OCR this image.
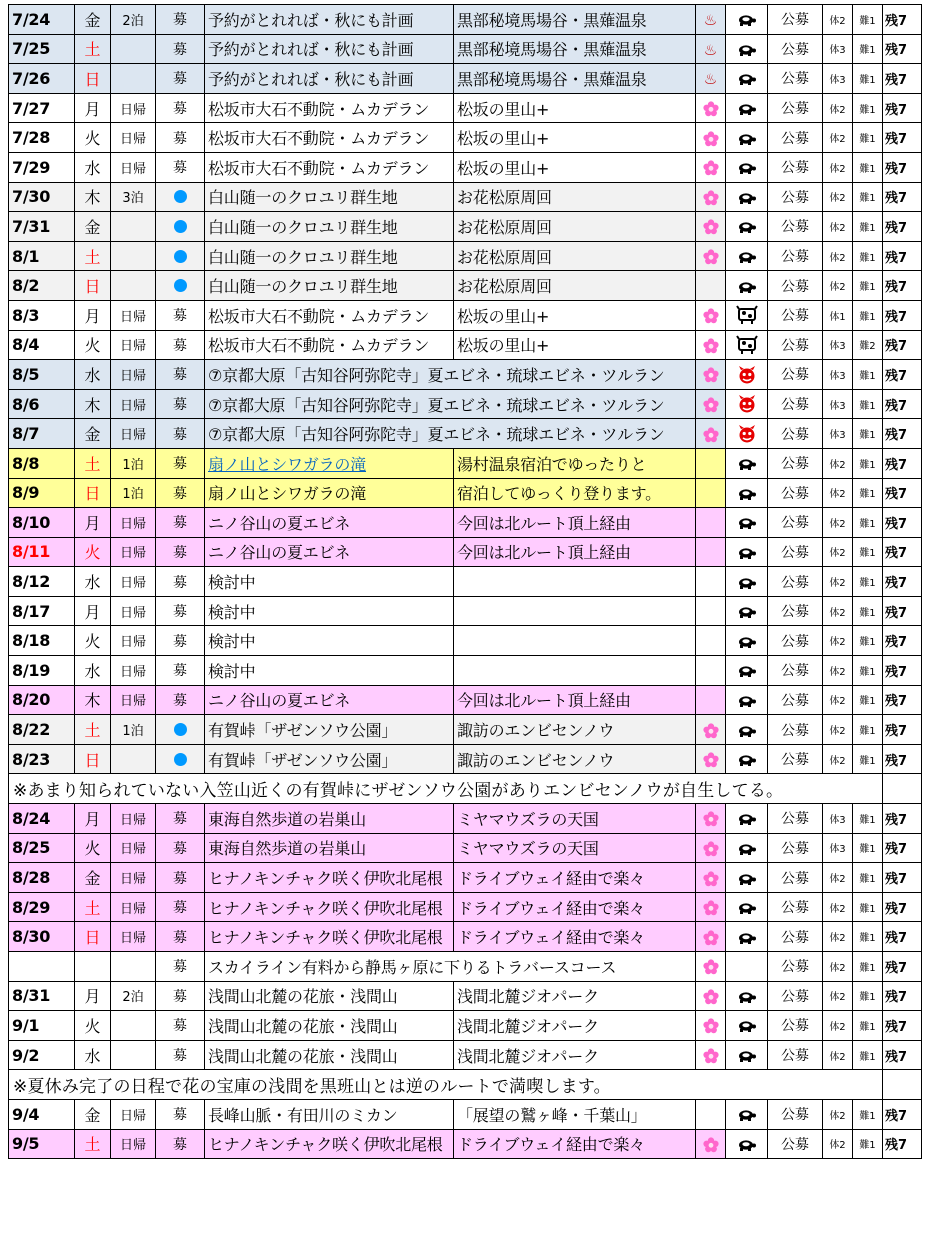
7/24	金	2泊	募	予約がとれれば・秋にも計画	黒部秘境馬場谷・黒薙温泉	♨		公募	体2	難1	残7
7/25	土		募	予約がとれれば・秋にも計画	黒部秘境馬場谷・黒薙温泉	♨		公募	体3	難1	残7
7/26	日		募	予約がとれれば・秋にも計画	黒部秘境馬場谷・黒薙温泉	♨		公募	体3	難1	残7
7/27	月	日帰	募	松坂市大石不動院・ムカデラン	松坂の里山+			公募	体2	難1	残7
7/28	火	日帰	募	松坂市大石不動院・ムカデラン	松坂の里山+			公募	体2	難1	残7
7/29	水	日帰	募	松坂市大石不動院・ムカデラン	松坂の里山+			公募	体2	難1	残7
7/30	木	3泊		白山随一のクロユリ群生地	お花松原周回			公募	体2	難1	残7
7/31	金			白山随一のクロユリ群生地	お花松原周回			公募	体2	難1	残7
8/1	土			白山随一のクロユリ群生地	お花松原周回			公募	体2	難1	残7
8/2	日			白山随一のクロユリ群生地	お花松原周回			公募	体2	難1	残7
8/3	月	日帰	募	松坂市大石不動院・ムカデラン	松坂の里山+			公募	体1	難1	残7
8/4	火	日帰	募	松坂市大石不動院・ムカデラン	松坂の里山+			公募	体3	難2	残7
8/5	水	日帰	募	⑦京都大原「古知谷阿弥陀寺」夏エビネ・琉球エビネ・ツルラン				公募	体3	難1	残7
8/6	木	日帰	募	⑦京都大原「古知谷阿弥陀寺」夏エビネ・琉球エビネ・ツルラン				公募	体3	難1	残7
8/7	金	日帰	募	⑦京都大原「古知谷阿弥陀寺」夏エビネ・琉球エビネ・ツルラン				公募	体3	難1	残7
8/8	土	1泊	募	扇ノ山とシワガラの滝	湯村温泉宿泊でゆったりと			公募	体2	難1	残7
8/9	日	1泊	募	扇ノ山とシワガラの滝	宿泊してゆっくり登ります。			公募	体2	難1	残7
8/10	月	日帰	募	ニノ谷山の夏エビネ	今回は北ルート頂上経由			公募	体2	難1	残7
8/11	火	日帰	募	ニノ谷山の夏エビネ	今回は北ルート頂上経由			公募	体2	難1	残7
8/12	水	日帰	募	検討中				公募	体2	難1	残7
8/17	月	日帰	募	検討中				公募	体2	難1	残7
8/18	火	日帰	募	検討中				公募	体2	難1	残7
8/19	水	日帰	募	検討中				公募	体2	難1	残7
8/20	木	日帰	募	ニノ谷山の夏エビネ	今回は北ルート頂上経由			公募	体2	難1	残7
8/22	土	1泊		有賀峠「ザゼンソウ公園」	諏訪のエンビセンノウ			公募	体2	難1	残7
8/23	日			有賀峠「ザゼンソウ公園」	諏訪のエンビセンノウ			公募	体2	難1	残7
※あまり知られていない入笠山近くの有賀峠にザゼンソウ公園がありエンビセンノウが自生してる。											
8/24	月	日帰	募	東海自然歩道の岩巣山	ミヤマウズラの天国			公募	体3	難1	残7
8/25	火	日帰	募	東海自然歩道の岩巣山	ミヤマウズラの天国			公募	体3	難1	残7
8/28	金	日帰	募	ヒナノキンチャク咲く伊吹北尾根	ドライブウェイ経由で楽々			公募	体2	難1	残7
8/29	土	日帰	募	ヒナノキンチャク咲く伊吹北尾根	ドライブウェイ経由で楽々			公募	体2	難1	残7
8/30	日	日帰	募	ヒナノキンチャク咲く伊吹北尾根	ドライブウェイ経由で楽々			公募	体2	難1	残7
			募	スカイライン有料から静馬ヶ原に下りるトラバースコース				公募	体2	難1	残7
8/31	月	2泊	募	浅間山北麓の花旅・浅間山	浅間北麓ジオパーク			公募	体2	難1	残7
9/1	火		募	浅間山北麓の花旅・浅間山	浅間北麓ジオパーク			公募	体2	難1	残7
9/2	水		募	浅間山北麓の花旅・浅間山	浅間北麓ジオパーク			公募	体2	難1	残7
※夏休み完了の日程で花の宝庫の浅間を黒班山とは逆のルートで満喫します。											
9/4	金	日帰	募	長峰山脈・有田川のミカン	「展望の鷲ヶ峰・千葉山」			公募	体2	難1	残7
9/5	土	日帰	募	ヒナノキンチャク咲く伊吹北尾根	ドライブウェイ経由で楽々			公募	体2	難1	残7
